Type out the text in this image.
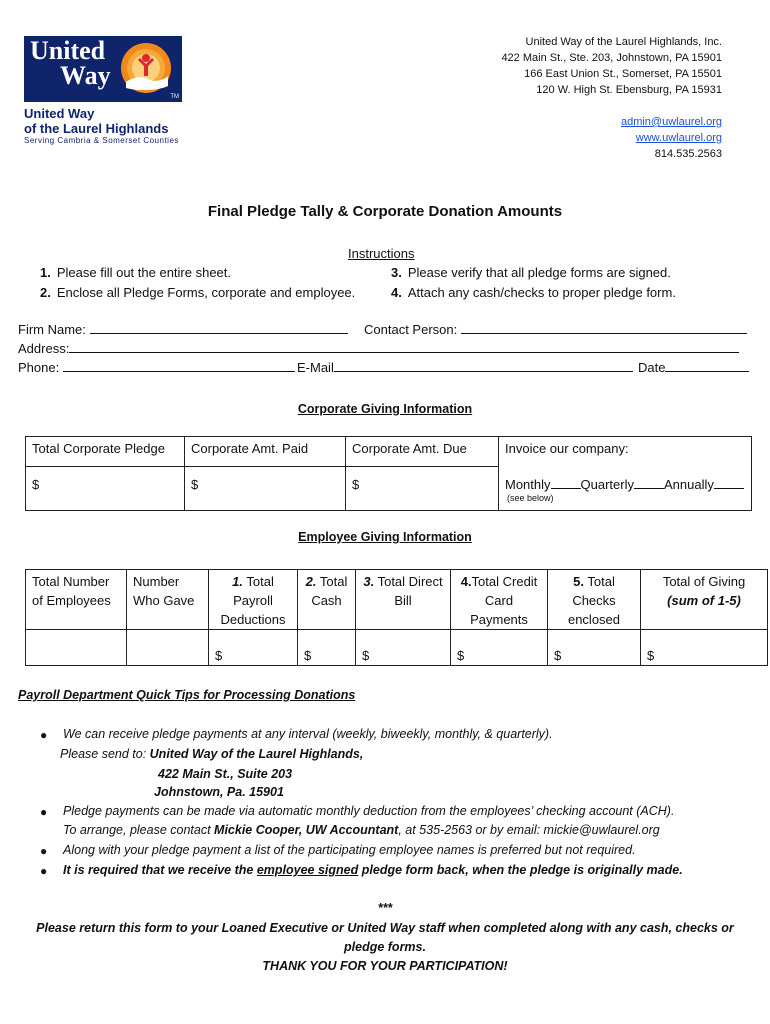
United
Way
TM
United Way
of the Laurel Highlands
Serving Cambria & Somerset Counties
United Way of the Laurel Highlands, Inc.
422 Main St., Ste. 203, Johnstown, PA 15901
166 East Union St., Somerset, PA 15501
120 W. High St. Ebensburg, PA 15931
admin@uwlaurel.org
www.uwlaurel.org
814.535.2563
Final Pledge Tally & Corporate Donation Amounts
Instructions
1. Please fill out the entire sheet.
2. Enclose all Pledge Forms, corporate and employee.
3. Please verify that all pledge forms are signed.
4. Attach any cash/checks to proper pledge form.
Firm Name:	Contact Person:
Address:
Phone:	E-Mail	Date
Corporate Giving Information
Total Corporate Pledge	Corporate Amt. Paid	Corporate Amt. Due	Invoice our company:
$	$	$	Monthly Quarterly Annually
(see below)
Employee Giving Information
Total Number of Employees	Number Who Gave	1. Total Payroll Deductions	2. Total Cash	3. Total Direct Bill	4.Total Credit Card Payments	5. Total Checks enclosed	Total of Giving
(sum of 1-5)
		$	$	$	$	$	$
Payroll Department Quick Tips for Processing Donations
● We can receive pledge payments at any interval (weekly, biweekly, monthly, & quarterly).
Please send to: United Way of the Laurel Highlands,
422 Main St., Suite 203
Johnstown, Pa. 15901
● Pledge payments can be made via automatic monthly deduction from the employees’ checking account (ACH).
To arrange, please contact Mickie Cooper, UW Accountant, at 535-2563 or by email: mickie@uwlaurel.org
● Along with your pledge payment a list of the participating employee names is preferred but not required.
● It is required that we receive the employee signed pledge form back, when the pledge is originally made.
***
Please return this form to your Loaned Executive or United Way staff when completed along with any cash, checks or
pledge forms.
THANK YOU FOR YOUR PARTICIPATION!
